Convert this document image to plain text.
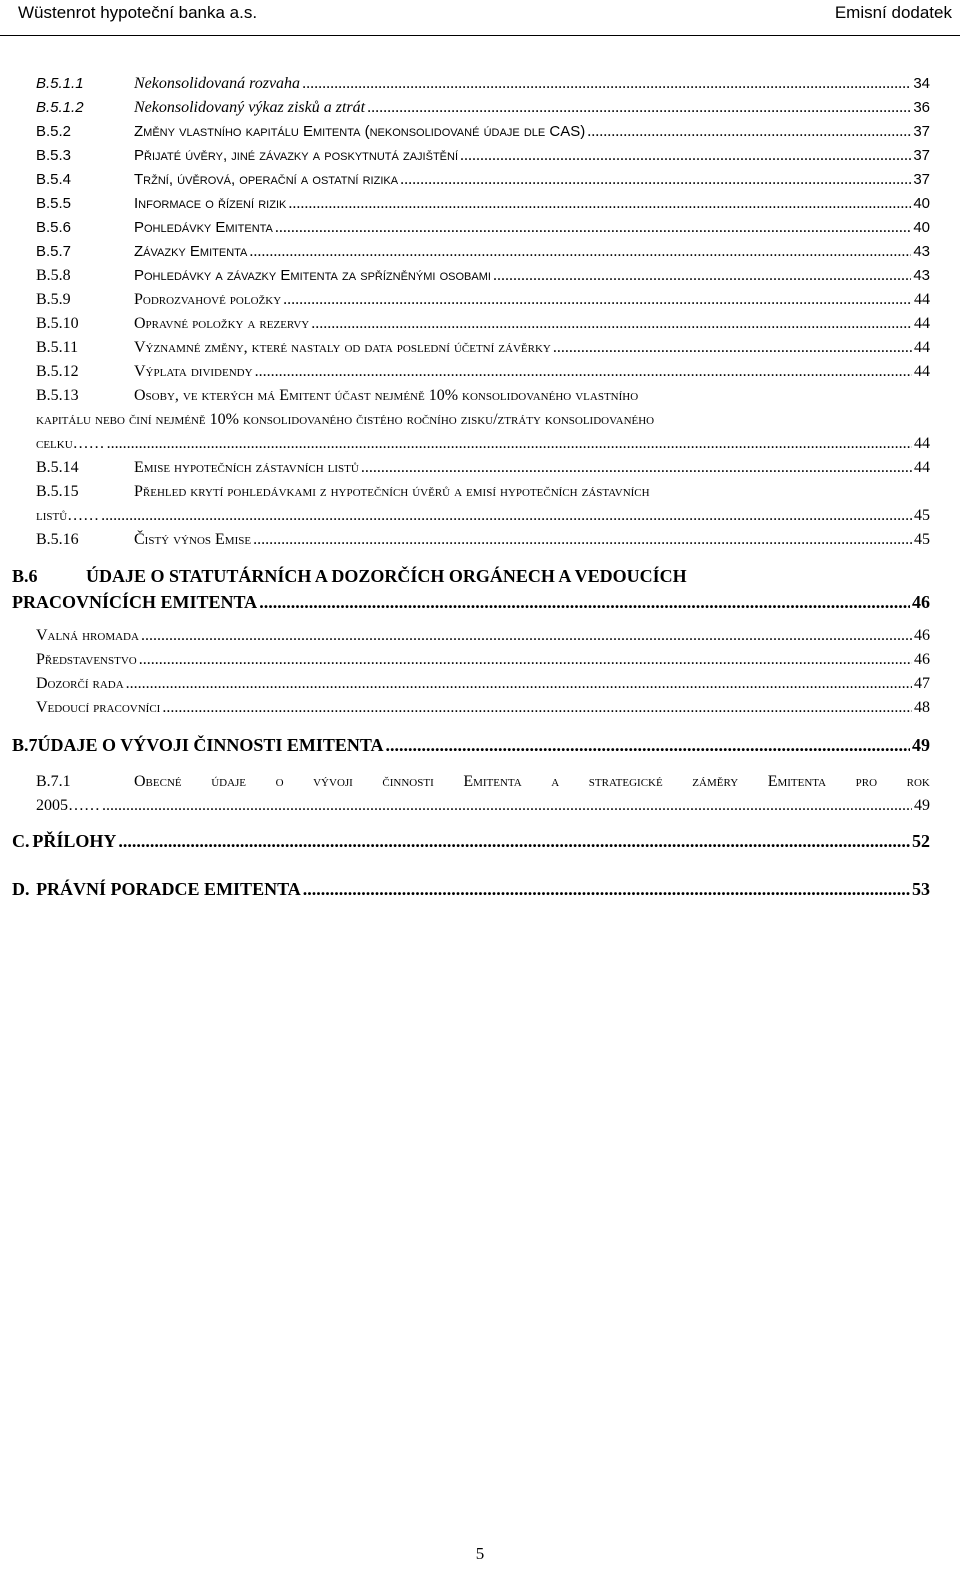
Wüstenrot hypoteční banka a.s.	Emisní dodatek
B.5.1.1	Nekonsolidovaná rozvaha .....	34
B.5.1.2	Nekonsolidovaný výkaz zisků a ztrát .....	36
B.5.2	Změny vlastního kapitálu Emitenta (nekonsolidované údaje dle CAS) .....	37
B.5.3	Přijaté úvěry, jiné závazky a poskytnutá zajištění .....	37
B.5.4	Tržní, úvěrová, operační a ostatní rizika .....	37
B.5.5	Informace o řízení rizik .....	40
B.5.6	Pohledávky Emitenta .....	40
B.5.7	Závazky Emitenta .....	43
B.5.8	Pohledávky a závazky Emitenta za spřízněnými osobami .....	43
B.5.9	Podrozvahové položky .....	44
B.5.10	Opravné položky a rezervy .....	44
B.5.11	Významné změny, které nastaly od data poslední účetní závěrky .....	44
B.5.12	Výplata dividendy .....	44
B.5.13	Osoby, ve kterých má Emitent účast nejméně 10% konsolidovaného vlastního
kapitálu nebo činí nejméně 10% konsolidovaného čistého ročního zisku/ztráty konsolidovaného
celku…… .....	44
B.5.14	Emise hypotečních zástavních listů .....	44
B.5.15	Přehled krytí pohledávkami z hypotečních úvěrů a emisí hypotečních zástavních
listů…… .....	45
B.5.16	Čistý výnos Emise .....	45
B.6	ÚDAJE O STATUTÁRNÍCH A DOZORČÍCH ORGÁNECH A VEDOUCÍCH
PRACOVNÍCÍCH EMITENTA .....	46
Valná hromada .....	46
Představenstvo .....	46
Dozorčí rada .....	47
Vedoucí pracovníci .....	48
B.7 ÚDAJE O VÝVOJI ČINNOSTI EMITENTA .....	49
B.7.1	Obecné údaje o vývoji činnosti Emitenta a strategické záměry Emitenta pro rok
2005…… .....	49
C. PŘÍLOHY .....	52
D. PRÁVNÍ PORADCE EMITENTA .....	53
5
